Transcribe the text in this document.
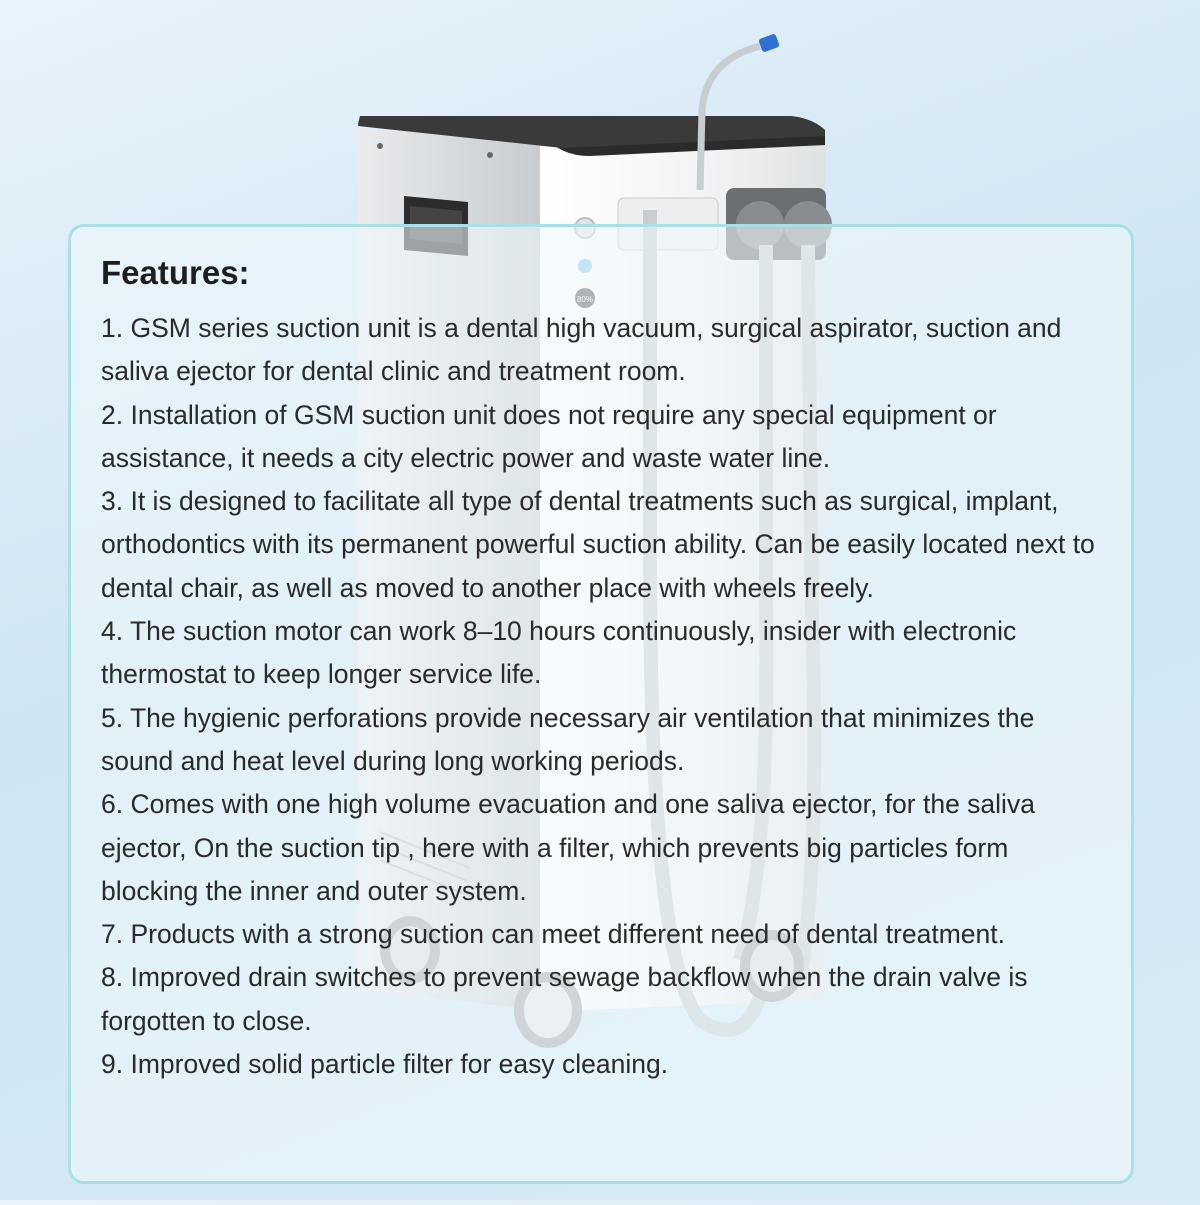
Features:
1. GSM series suction unit is a dental high vacuum, surgical aspirator, suction and saliva ejector for dental clinic and treatment room.
2. Installation of GSM suction unit does not require any special equipment or assistance, it needs a city electric power and waste water line.
3. It is designed to facilitate all type of dental treatments such as surgical, implant, orthodontics with its permanent powerful suction ability. Can be easily located next to dental chair, as well as moved to another place with wheels freely.
4. The suction motor can work 8–10 hours continuously, insider with electronic thermostat to keep longer service life.
5. The hygienic perforations provide necessary air ventilation that minimizes the sound and heat level during long working periods.
6. Comes with one high volume evacuation and one saliva ejector, for the saliva ejector, On the suction tip , here with a filter, which prevents big particles form blocking the inner and outer system.
7. Products with a strong suction can meet different need of dental treatment.
8. Improved drain switches to prevent sewage backflow when the drain valve is forgotten to close.
9. Improved solid particle filter for easy cleaning.
